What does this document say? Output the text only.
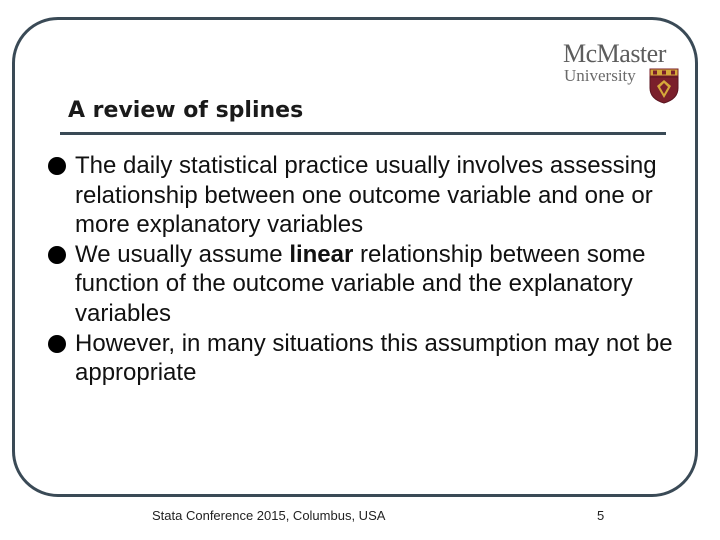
McMaster
University
A review of splines
The daily statistical practice usually involves assessing relationship between one outcome variable and one or more explanatory variables
We usually assume linear relationship between some function of the outcome variable and the explanatory variables
However, in many situations this assumption may not be appropriate
Stata Conference 2015, Columbus, USA	5
